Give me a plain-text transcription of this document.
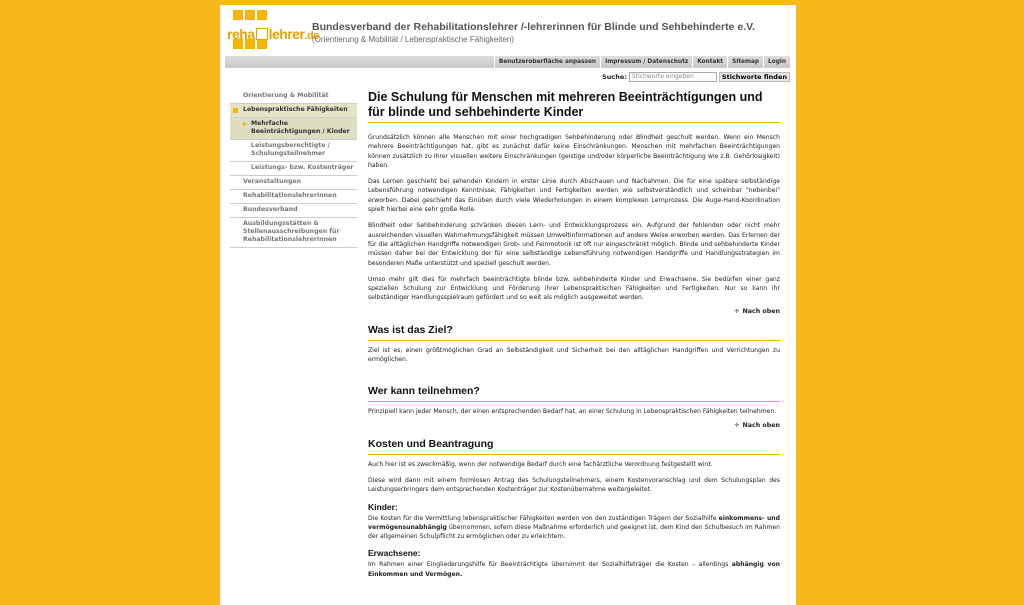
reha lehrer.de
Bundesverband der Rehabilitationslehrer /-lehrerinnen für Blinde und Sehbehinderte e.V.
(Orientierung & Mobilität / Lebenspraktische Fähigkeiten)
Benutzeroberfläche anpassen	Impressum / Datenschutz	Kontakt	Sitemap	Login
Suche:
Stichworte eingeben	Stichworte finden
Orientierung & Mobilität
Lebenspraktische Fähigkeiten
Mehrfache Beeinträchtigungen / Kinder
Leistungsberechtigte / Schulungsteilnehmer
Leistungs- bzw. Kostenträger
Veranstaltungen
RehabilitationslehrerInnen
Bundesverband
Ausbildungsstätten & Stellenausschreibungen für RehabilitationslehrerInnen
Die Schulung für Menschen mit mehreren Beeinträchtigungen und für blinde und sehbehinderte Kinder

Grundsätzlich können alle Menschen mit einer hochgradigen Sehbehinderung oder Blindheit geschult werden. Wenn ein Mensch mehrere Beeinträchtigungen hat, gibt es zunächst dafür keine Einschränkungen. Menschen mit mehrfachen Beeinträchtigungen können zusätzlich zu ihrer visuellen weitere Einschränkungen (geistige und/oder körperliche Beeinträchtigung wie z.B. Gehörlosigkeit) haben.

Das Lernen geschieht bei sehenden Kindern in erster Linie durch Abschauen und Nachahmen. Die für eine spätere selbständige Lebensführung notwendigen Kenntnisse, Fähigkeiten und Fertigkeiten werden wie selbstverständlich und scheinbar "nebenbei" erworben. Dabei geschieht das Einüben durch viele Wiederholungen in einem komplexen Lernprozess. Die Auge-Hand-Koordination spielt hierbei eine sehr große Rolle.

Blindheit oder Sehbehinderung schränken diesen Lern- und Entwicklungsprozess ein. Aufgrund der fehlenden oder nicht mehr ausreichenden visuellen Wahrnehmungsfähigkeit müssen Umweltinformationen auf andere Weise erworben werden. Das Erlernen der für die alltäglichen Handgriffe notwendigen Grob- und Feinmotorik ist oft nur eingeschränkt möglich. Blinde und sehbehinderte Kinder müssen daher bei der Entwicklung der für eine selbständige Lebensführung notwendigen Handgriffe und Handlungsstrategien im besonderen Maße unterstützt und speziell geschult werden.

Umso mehr gilt dies für mehrfach beeinträchtigte blinde bzw. sehbehinderte Kinder und Erwachsene. Sie bedürfen einer ganz speziellen Schulung zur Entwicklung und Förderung ihrer Lebenspraktischen Fähigkeiten und Fertigkeiten. Nur so kann ihr selbständiger Handlungsspielraum gefördert und so weit als möglich ausgeweitet werden.

✛ Nach oben
Was ist das Ziel?

Ziel ist es, einen größtmöglichen Grad an Selbständigkeit und Sicherheit bei den alltäglichen Handgriffen und Verrichtungen zu ermöglichen.

Wer kann teilnehmen?

Prinzipiell kann jeder Mensch, der einen entsprechenden Bedarf hat, an einer Schulung in Lebenspraktischen Fähigkeiten teilnehmen.

✛ Nach oben
Kosten und Beantragung

Auch hier ist es zweckmäßig, wenn der notwendige Bedarf durch eine fachärztliche Verordnung festgestellt wird.

Diese wird dann mit einem formlosen Antrag des Schulungsteilnehmers, einem Kostenvoranschlag und dem Schulungsplan des Leistungserbringers dem entsprechenden Kostenträger zur Kostenübernahme weitergeleitet.

Kinder:

Die Kosten für die Vermittlung lebenspraktischer Fähigkeiten werden von den zuständigen Trägern der Sozialhilfe einkommens- und vermögensunabhängig übernommen, sofern diese Maßnahme erforderlich und geeignet ist, dem Kind den Schulbesuch im Rahmen der allgemeinen Schulpflicht zu ermöglichen oder zu erleichtern.

Erwachsene:

Im Rahmen einer Eingliederungshilfe für Beeinträchtigte übernimmt der Sozialhilfeträger die Kosten – allerdings abhängig von Einkommen und Vermögen.
